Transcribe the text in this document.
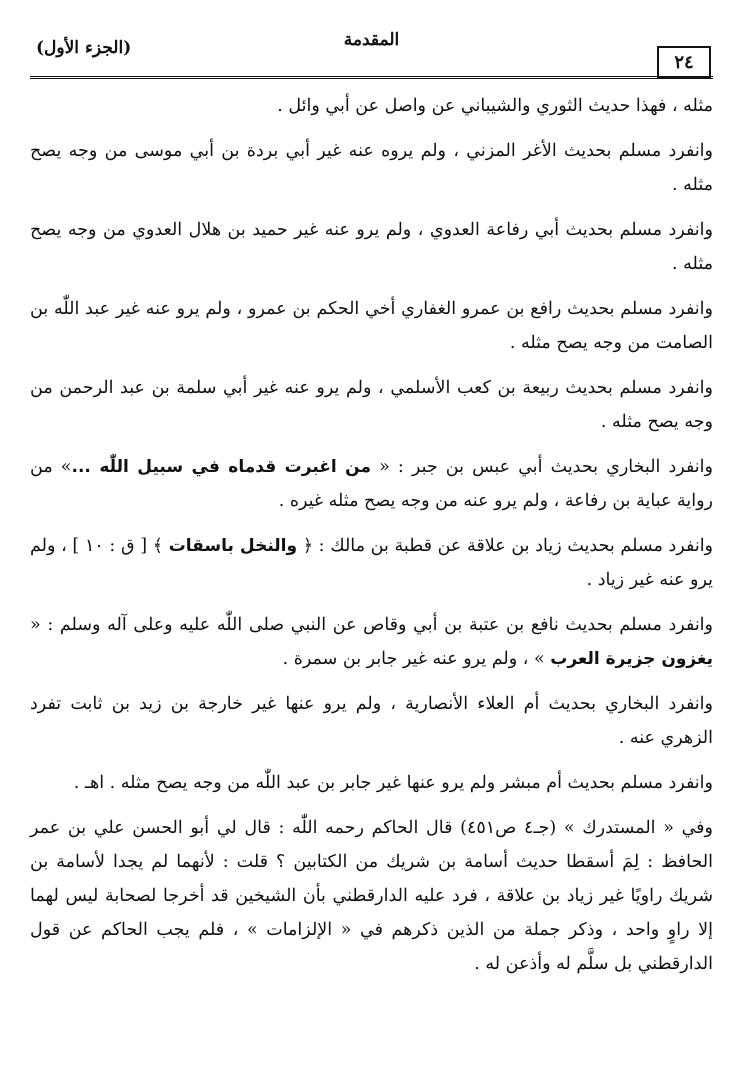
٢٤
المقدمة
(الجزء الأول)

مثله ، فهذا حديث الثوري والشيباني عن واصل عن أبي وائل .

وانفرد مسلم بحديث الأغر المزني ، ولم يروه عنه غير أبي بردة بن أبي موسى من وجه يصح مثله .

وانفرد مسلم بحديث أبي رفاعة العدوي ، ولم يرو عنه غير حميد بن هلال العدوي من وجه يصح مثله .

وانفرد مسلم بحديث رافع بن عمرو الغفاري أخي الحكم بن عمرو ، ولم يرو عنه غير عبد اللّٰه بن الصامت من وجه يصح مثله .

وانفرد مسلم بحديث ربيعة بن كعب الأسلمي ، ولم يرو عنه غير أبي سلمة بن عبد الرحمن من وجه يصح مثله .

وانفرد البخاري بحديث أبي عبس بن جبر : « من اغبرت قدماه في سبيل اللّٰه ...» من رواية عباية بن رفاعة ، ولم يرو عنه من وجه يصح مثله غيره .

وانفرد مسلم بحديث زياد بن علاقة عن قطبة بن مالك : ﴿ والنخل باسقات ﴾ [ ق : ١٠ ] ، ولم يرو عنه غير زياد .

وانفرد مسلم بحديث نافع بن عتبة بن أبي وقاص عن النبي صلى اللّٰه عليه وعلى آله وسلم : « يغزون جزيرة العرب » ، ولم يرو عنه غير جابر بن سمرة .

وانفرد البخاري بحديث أم العلاء الأنصارية ، ولم يرو عنها غير خارجة بن زيد بن ثابت تفرد الزهري عنه .

وانفرد مسلم بحديث أم مبشر ولم يرو عنها غير جابر بن عبد اللّٰه من وجه يصح مثله . اهـ .

وفي « المستدرك » (جـ٤ ص٤٥١) قال الحاكم رحمه اللّٰه : قال لي أبو الحسن علي بن عمر الحافظ : لِمَ أسقطا حديث أسامة بن شريك من الكتابين ؟ قلت : لأنهما لم يجدا لأسامة بن شريك راويًا غير زياد بن علاقة ، فرد عليه الدارقطني بأن الشيخين قد أخرجا لصحابة ليس لهما إلا راوٍ واحد ، وذكر جملة من الذين ذكرهم في « الإلزامات » ، فلم يجب الحاكم عن قول الدارقطني بل سلَّم له وأذعن له .
